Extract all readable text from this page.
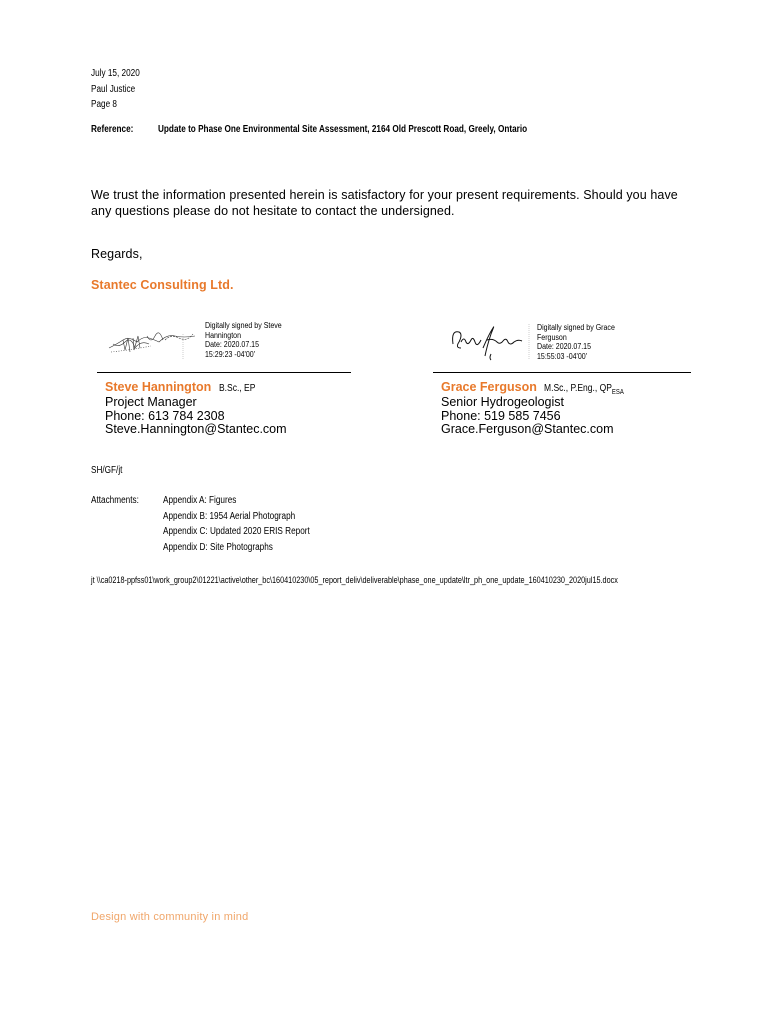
July 15, 2020
Paul Justice
Page 8
Reference: Update to Phase One Environmental Site Assessment, 2164 Old Prescott Road, Greely, Ontario
We trust the information presented herein is satisfactory for your present requirements. Should you have
any questions please do not hesitate to contact the undersigned.
Regards,
Stantec Consulting Ltd.
Digitally signed by Steve
Hannington
Date: 2020.07.15
15:29:23 -04'00'
Digitally signed by Grace
Ferguson
Date: 2020.07.15
15:55:03 -04'00'
Steve Hannington B.Sc., EP
Project Manager
Phone: 613 784 2308
Steve.Hannington@Stantec.com
Grace Ferguson M.Sc., P.Eng., $QP_{ESA}$
Senior Hydrogeologist
Phone: 519 585 7456
Grace.Ferguson@Stantec.com
SH/GF/jt
Attachments: Appendix A: Figures
Appendix B: 1954 Aerial Photograph
Appendix C: Updated 2020 ERIS Report
Appendix D: Site Photographs
jt \\ca0218-ppfss01\work_group2\01221\active\other_bc\160410230\05_report_deliv\deliverable\phase_one_update\ltr_ph_one_update_160410230_2020jul15.docx
Design with community in mind
